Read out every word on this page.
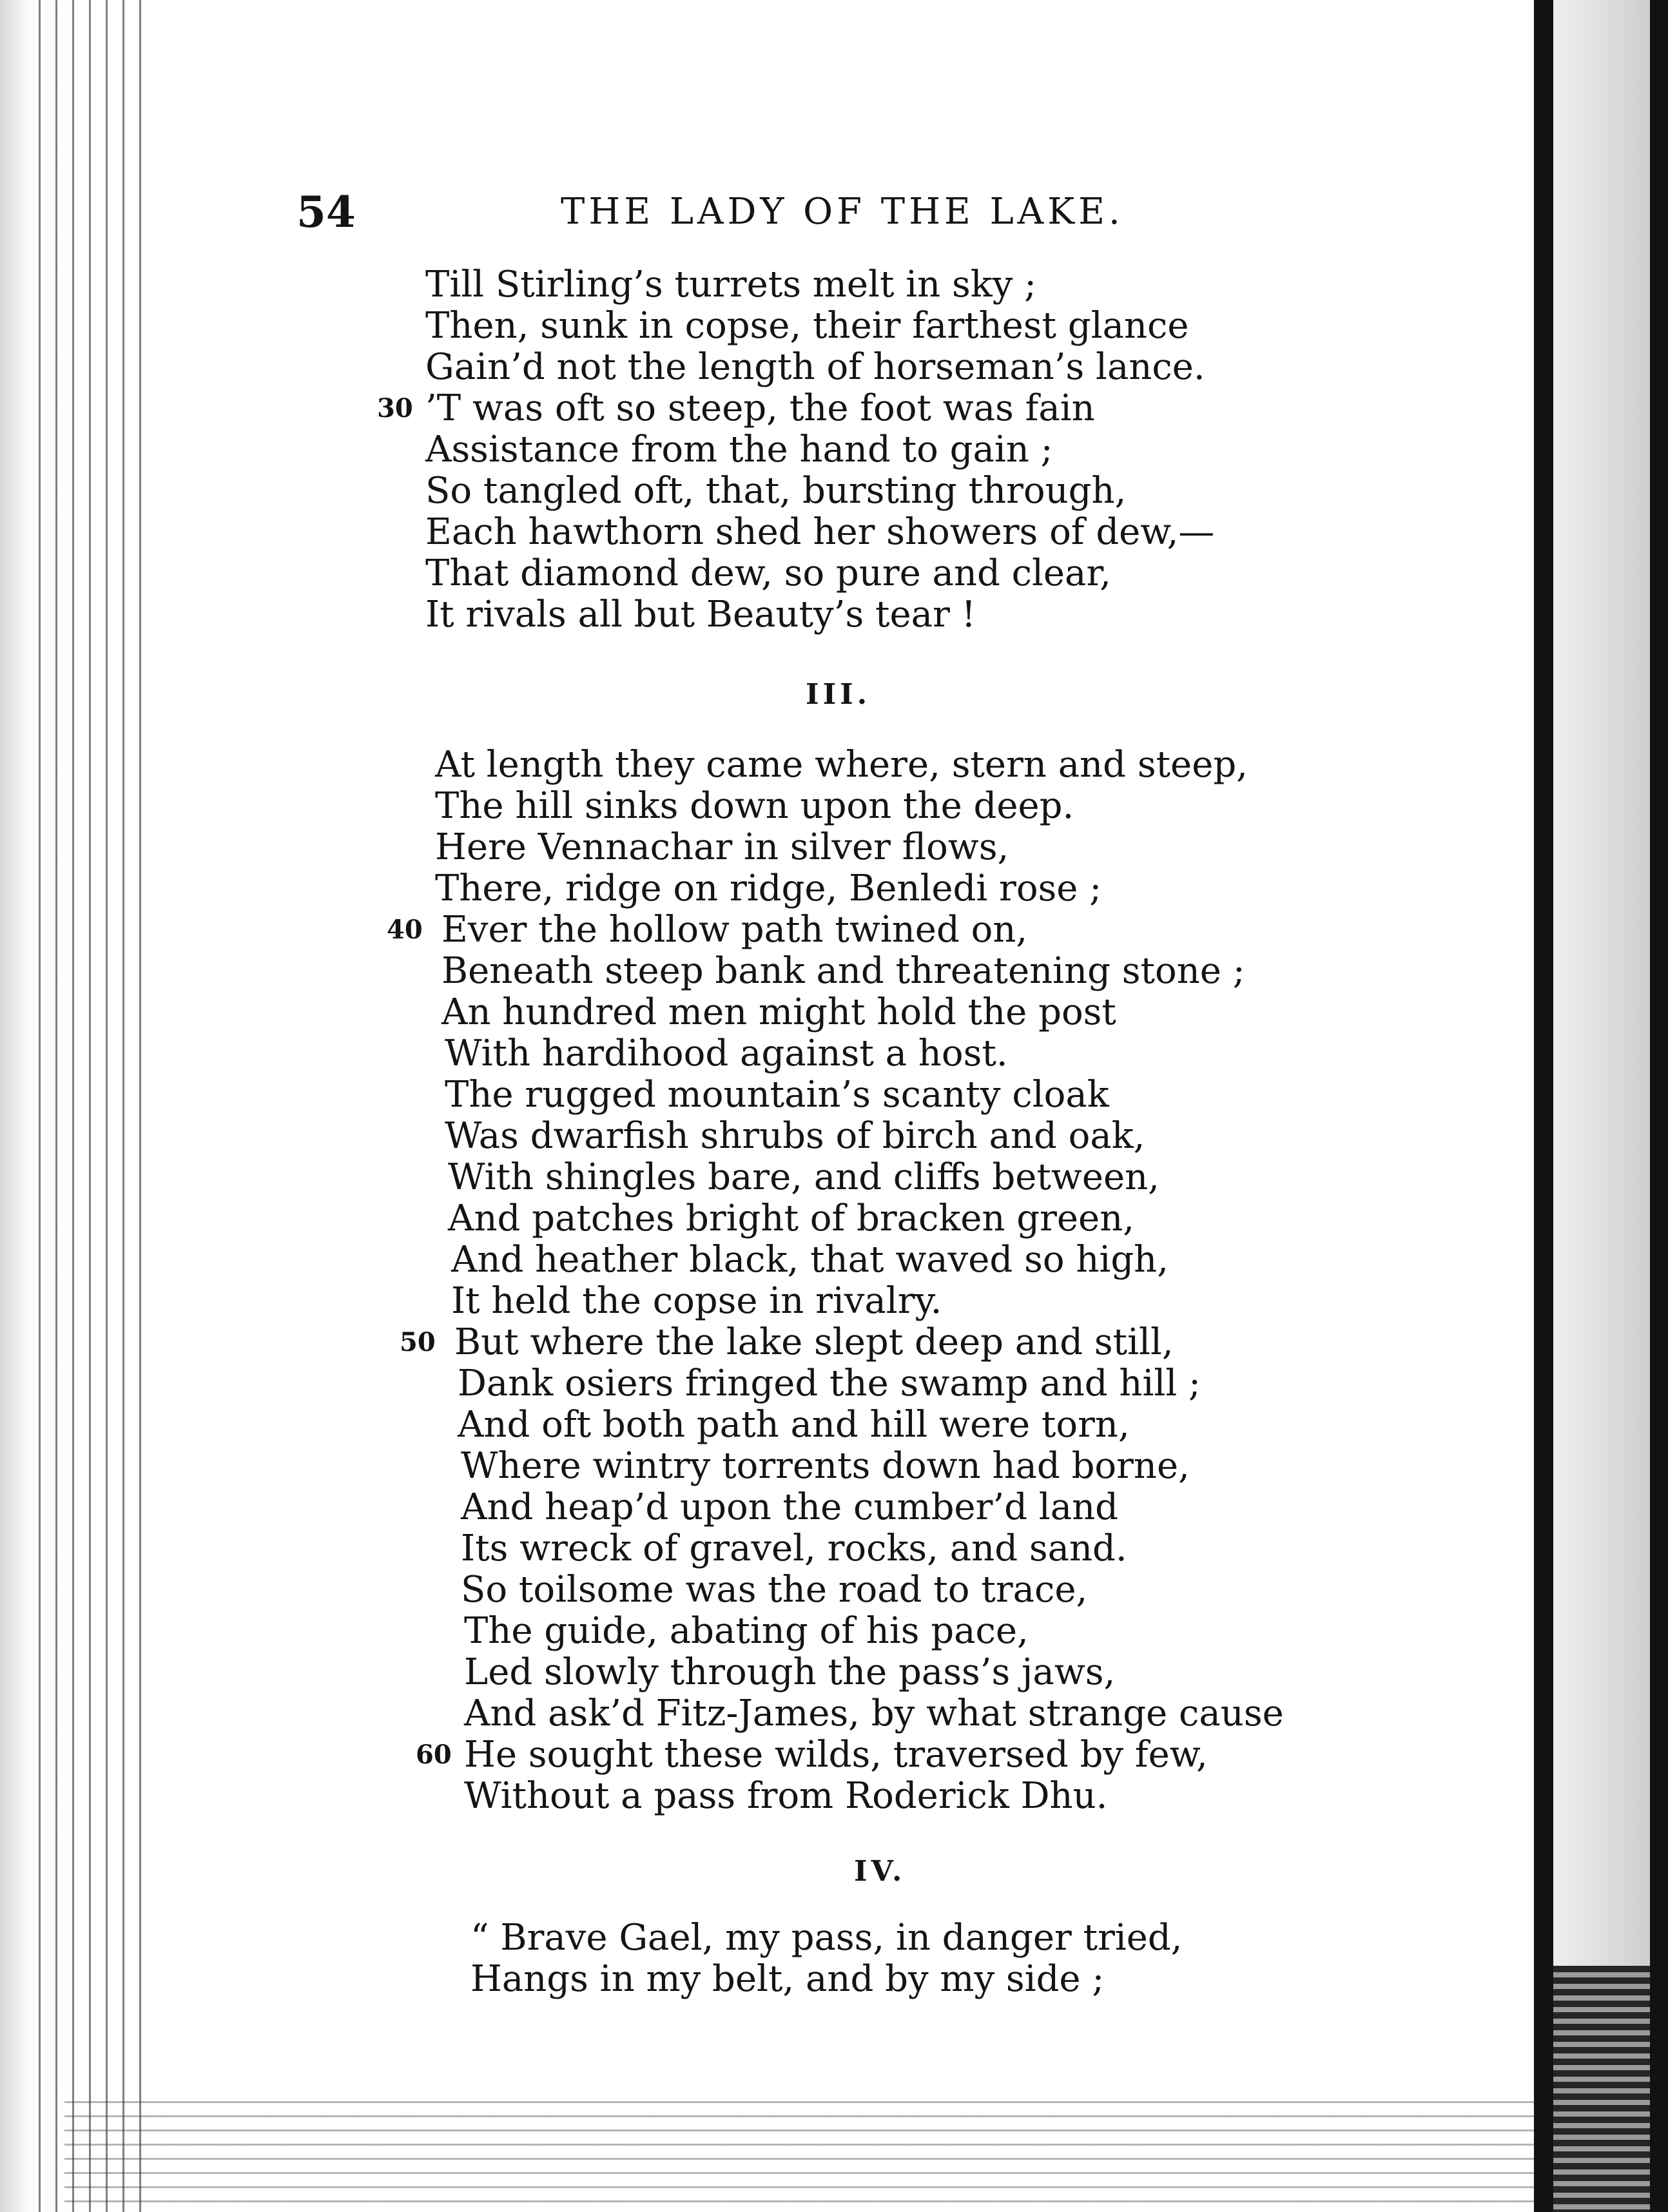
54	THE LADY OF THE LAKE.
Till Stirling’s turrets melt in sky ;
Then, sunk in copse, their farthest glance
Gain’d not the length of horseman’s lance.
30 ’T was oft so steep, the foot was fain
Assistance from the hand to gain ;
So tangled oft, that, bursting through,
Each hawthorn shed her showers of dew,—
That diamond dew, so pure and clear,
It rivals all but Beauty’s tear !
III.
At length they came where, stern and steep,
The hill sinks down upon the deep.
Here Vennachar in silver flows,
There, ridge on ridge, Benledi rose ;
40 Ever the hollow path twined on,
Beneath steep bank and threatening stone ;
An hundred men might hold the post
With hardihood against a host.
The rugged mountain’s scanty cloak
Was dwarfish shrubs of birch and oak,
With shingles bare, and cliffs between,
And patches bright of bracken green,
And heather black, that waved so high,
It held the copse in rivalry.
50 But where the lake slept deep and still,
Dank osiers fringed the swamp and hill ;
And oft both path and hill were torn,
Where wintry torrents down had borne,
And heap’d upon the cumber’d land
Its wreck of gravel, rocks, and sand.
So toilsome was the road to trace,
The guide, abating of his pace,
Led slowly through the pass’s jaws,
And ask’d Fitz-James, by what strange cause
60 He sought these wilds, traversed by few,
Without a pass from Roderick Dhu.
IV.
“ Brave Gael, my pass, in danger tried,
Hangs in my belt, and by my side ;
